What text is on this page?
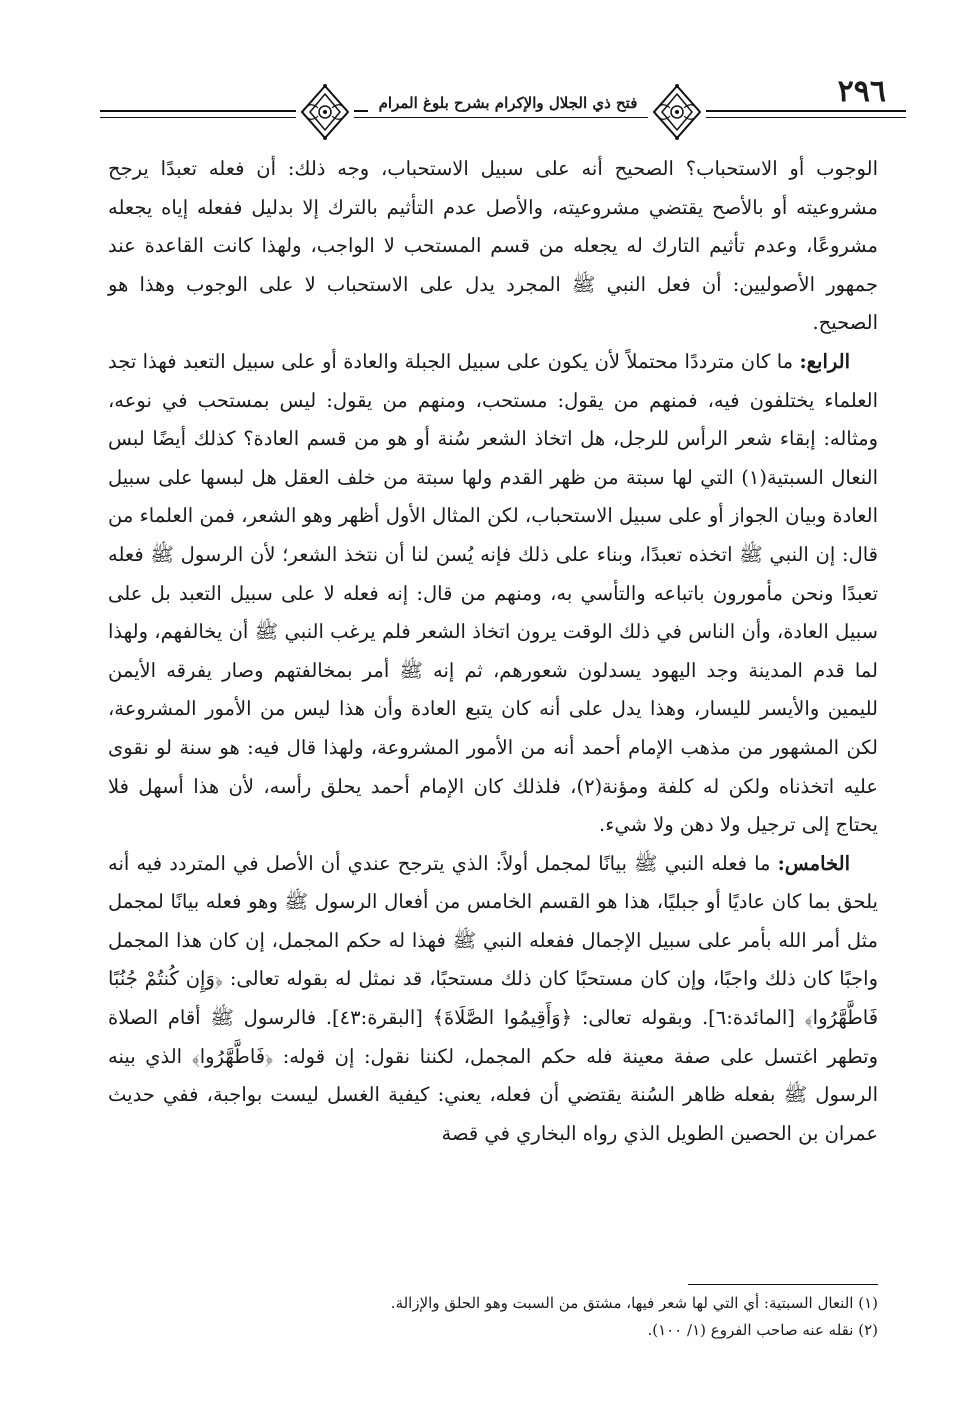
فتح ذي الجلال والإكرام بشرح بلوغ المرام	٢٩٦

الوجوب أو الاستحباب؟ الصحيح أنه على سبيل الاستحباب، وجه ذلك: أن فعله تعبدًا يرجح مشروعيته أو بالأصح يقتضي مشروعيته، والأصل عدم التأثيم بالترك إلا بدليل ففعله إياه يجعله مشروعًا، وعدم تأثيم التارك له يجعله من قسم المستحب لا الواجب، ولهذا كانت القاعدة عند جمهور الأصوليين: أن فعل النبي ﷺ المجرد يدل على الاستحباب لا على الوجوب وهذا هو الصحيح.

الرابع: ما كان مترددًا محتملاً لأن يكون على سبيل الجبلة والعادة أو على سبيل التعبد فهذا تجد العلماء يختلفون فيه، فمنهم من يقول: مستحب، ومنهم من يقول: ليس بمستحب في نوعه، ومثاله: إبقاء شعر الرأس للرجل، هل اتخاذ الشعر سُنة أو هو من قسم العادة؟ كذلك أيضًا لبس النعال السبتية(١) التي لها سبتة من ظهر القدم ولها سبتة من خلف العقل هل لبسها على سبيل العادة وبيان الجواز أو على سبيل الاستحباب، لكن المثال الأول أظهر وهو الشعر، فمن العلماء من قال: إن النبي ﷺ اتخذه تعبدًا، وبناء على ذلك فإنه يُسن لنا أن نتخذ الشعر؛ لأن الرسول ﷺ فعله تعبدًا ونحن مأمورون باتباعه والتأسي به، ومنهم من قال: إنه فعله لا على سبيل التعبد بل على سبيل العادة، وأن الناس في ذلك الوقت يرون اتخاذ الشعر فلم يرغب النبي ﷺ أن يخالفهم، ولهذا لما قدم المدينة وجد اليهود يسدلون شعورهم، ثم إنه ﷺ أمر بمخالفتهم وصار يفرقه الأيمن لليمين والأيسر لليسار، وهذا يدل على أنه كان يتبع العادة وأن هذا ليس من الأمور المشروعة، لكن المشهور من مذهب الإمام أحمد أنه من الأمور المشروعة، ولهذا قال فيه: هو سنة لو نقوى عليه اتخذناه ولكن له كلفة ومؤنة(٢)، فلذلك كان الإمام أحمد يحلق رأسه، لأن هذا أسهل فلا يحتاج إلى ترجيل ولا دهن ولا شيء.

الخامس: ما فعله النبي ﷺ بيانًا لمجمل أولاً: الذي يترجح عندي أن الأصل في المتردد فيه أنه يلحق بما كان عاديًا أو جبليًا، هذا هو القسم الخامس من أفعال الرسول ﷺ وهو فعله بيانًا لمجمل مثل أمر الله بأمر على سبيل الإجمال ففعله النبي ﷺ فهذا له حكم المجمل، إن كان هذا المجمل واجبًا كان ذلك واجبًا، وإن كان مستحبًا كان ذلك مستحبًا، قد نمثل له بقوله تعالى: ﴿وَإِن كُنتُمْ جُنُبًا فَاطَّهَّرُوا﴾ [المائدة:٦]. وبقوله تعالى: ﴿وَأَقِيمُوا الصَّلَاةَ﴾ [البقرة:٤٣]. فالرسول ﷺ أقام الصلاة وتطهر اغتسل على صفة معينة فله حكم المجمل، لكننا نقول: إن قوله: ﴿فَاطَّهَّرُوا﴾ الذي بينه الرسول ﷺ بفعله ظاهر السُنة يقتضي أن فعله، يعني: كيفية الغسل ليست بواجبة، ففي حديث عمران بن الحصين الطويل الذي رواه البخاري في قصة

(١) النعال السبتية: أي التي لها شعر فيها، مشتق من السبت وهو الحلق والإزالة.

(٢) نقله عنه صاحب الفروع (١/ ١٠٠).
